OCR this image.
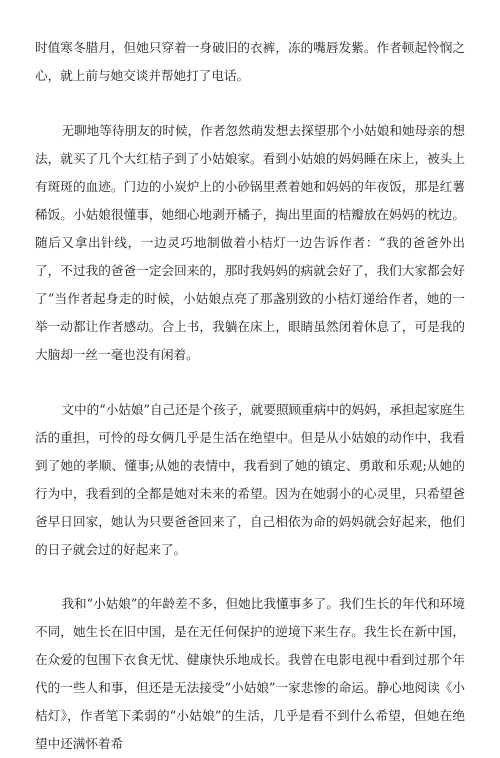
时值寒冬腊月，但她只穿着一身破旧的衣裤，冻的嘴唇发紫。作者顿起怜悯之心，就上前与她交谈并帮她打了电话。

无聊地等待朋友的时候，作者忽然萌发想去探望那个小姑娘和她母亲的想法，就买了几个大红桔子到了小姑娘家。看到小姑娘的妈妈睡在床上，被头上有斑斑的血迹。门边的小炭炉上的小砂锅里煮着她和妈妈的年夜饭，那是红薯稀饭。小姑娘很懂事，她细心地剥开橘子，掏出里面的桔瓣放在妈妈的枕边。随后又拿出针线，一边灵巧地制做着小桔灯一边告诉作者：“我的爸爸外出了，不过我的爸爸一定会回来的，那时我妈妈的病就会好了，我们大家都会好了”当作者起身走的时候，小姑娘点亮了那盏别致的小桔灯递给作者，她的一举一动都让作者感动。合上书，我躺在床上，眼睛虽然闭着休息了，可是我的大脑却一丝一毫也没有闲着。

文中的“小姑娘”自己还是个孩子，就要照顾重病中的妈妈，承担起家庭生活的重担，可怜的母女俩几乎是生活在绝望中。但是从小姑娘的动作中，我看到了她的孝顺、懂事;从她的表情中，我看到了她的镇定、勇敢和乐观;从她的行为中，我看到的全都是她对未来的希望。因为在她弱小的心灵里，只希望爸爸早日回家，她认为只要爸爸回来了，自己相依为命的妈妈就会好起来，他们的日子就会过的好起来了。

我和“小姑娘”的年龄差不多，但她比我懂事多了。我们生长的年代和环境不同，她生长在旧中国，是在无任何保护的逆境下来生存。我生长在新中国，在众爱的包围下衣食无忧、健康快乐地成长。我曾在电影电视中看到过那个年代的一些人和事，但还是无法接受“小姑娘”一家悲惨的命运。静心地阅读《小桔灯》，作者笔下柔弱的“小姑娘”的生活，几乎是看不到什么希望，但她在绝望中还满怀着希
